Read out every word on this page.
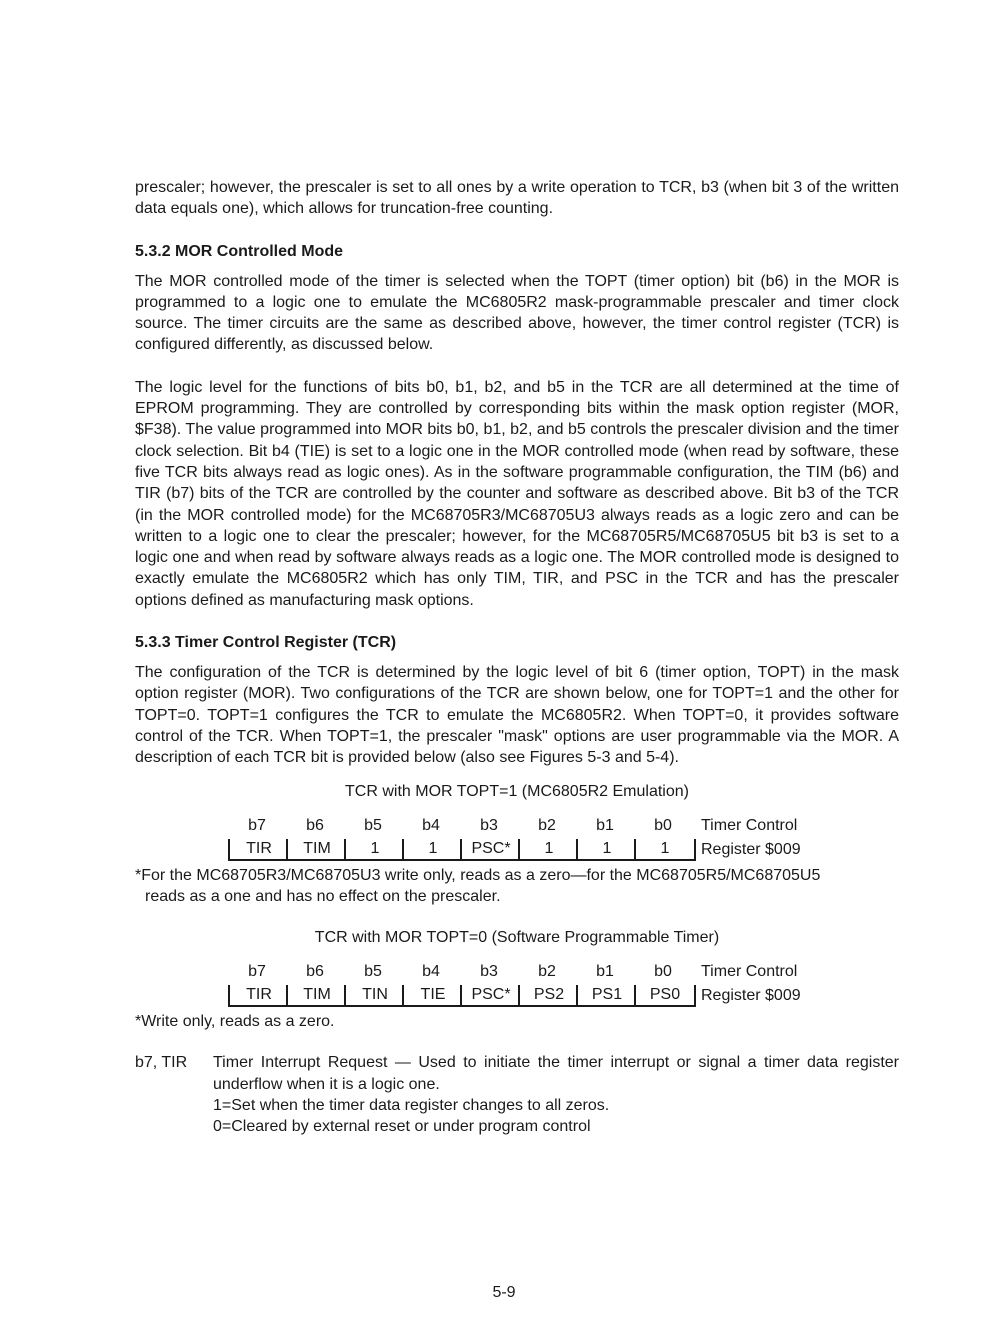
prescaler; however, the prescaler is set to all ones by a write operation to TCR, b3 (when bit 3 of the written data equals one), which allows for truncation-free counting.

5.3.2 MOR Controlled Mode

The MOR controlled mode of the timer is selected when the TOPT (timer option) bit (b6) in the MOR is programmed to a logic one to emulate the MC6805R2 mask-programmable prescaler and timer clock source. The timer circuits are the same as described above, however, the timer control register (TCR) is configured differently, as discussed below.

The logic level for the functions of bits b0, b1, b2, and b5 in the TCR are all determined at the time of EPROM programming. They are controlled by corresponding bits within the mask option register (MOR, $F38). The value programmed into MOR bits b0, b1, b2, and b5 controls the prescaler division and the timer clock selection. Bit b4 (TIE) is set to a logic one in the MOR controlled mode (when read by software, these five TCR bits always read as logic ones). As in the software programmable configuration, the TIM (b6) and TIR (b7) bits of the TCR are controlled by the counter and software as described above. Bit b3 of the TCR (in the MOR controlled mode) for the MC68705R3/MC68705U3 always reads as a logic zero and can be written to a logic one to clear the prescaler; however, for the MC68705R5/MC68705U5 bit b3 is set to a logic one and when read by software always reads as a logic one. The MOR controlled mode is designed to exactly emulate the MC6805R2 which has only TIM, TIR, and PSC in the TCR and has the prescaler options defined as manufacturing mask options.

5.3.3 Timer Control Register (TCR)

The configuration of the TCR is determined by the logic level of bit 6 (timer option, TOPT) in the mask option register (MOR). Two configurations of the TCR are shown below, one for TOPT=1 and the other for TOPT=0. TOPT=1 configures the TCR to emulate the MC6805R2. When TOPT=0, it provides software control of the TCR. When TOPT=1, the prescaler "mask" options are user programmable via the MOR. A description of each TCR bit is provided below (also see Figures 5-3 and 5-4).

TCR with MOR TOPT=1 (MC6805R2 Emulation)

b7	b6	b5	b4	b3	b2	b1	b0
TIR	TIM	1	1	PSC*	1	1	1
Timer Control
Register $009

*For the MC68705R3/MC68705U3 write only, reads as a zero—for the MC68705R5/MC68705U5

reads as a one and has no effect on the prescaler.

TCR with MOR TOPT=0 (Software Programmable Timer)

b7	b6	b5	b4	b3	b2	b1	b0
TIR	TIM	TIN	TIE	PSC*	PS2	PS1	PS0
Timer Control
Register $009

*Write only, reads as a zero.

b7, TIR Timer Interrupt Request — Used to initiate the timer interrupt or signal a timer data register underflow when it is a logic one.
1=Set when the timer data register changes to all zeros.
0=Cleared by external reset or under program control
5-9
